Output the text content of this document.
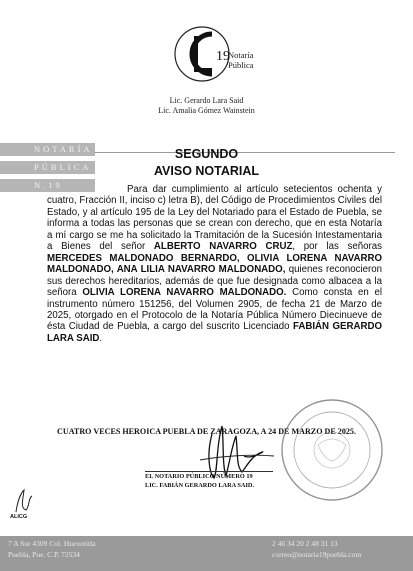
19
Notaría
Pública
Lic. Gerardo Lara Said
Lic. Amalia Gómez Wainstein
NOTARÍA
PÚBLICA
N.19
SEGUNDO
AVISO NOTARIAL

Para dar cumplimiento al artículo setecientos ochenta y cuatro, Fracción II, inciso c) letra B), del Código de Procedimientos Civiles del Estado, y al artículo 195 de la Ley del Notariado para el Estado de Puebla, se informa a todas las personas que se crean con derecho, que en esta Notaría a mí cargo se me ha solicitado la Tramitación de la Sucesión Intestamentaria a Bienes del señor ALBERTO NAVARRO CRUZ, por las señoras MERCEDES MALDONADO BERNARDO, OLIVIA LORENA NAVARRO MALDONADO, ANA LILIA NAVARRO MALDONADO, quienes reconocieron sus derechos hereditarios, además de que fue designada como albacea a la señora OLIVIA LORENA NAVARRO MALDONADO. Como consta en el instrumento número 151256, del Volumen 2905, de fecha 21 de Marzo de 2025, otorgado en el Protocolo de la Notaría Pública Número Diecinueve de ésta Ciudad de Puebla, a cargo del suscrito Licenciado FABIÁN GERARDO LARA SAID.

CUATRO VECES HEROICA PUEBLA DE ZARAGOZA, A 24 DE MARZO DE 2025.
EL NOTARIO PÚBLICO NÚMERO 19
LIC. FABIÁN GERARDO LARA SAID.
ALICG
7 A Sur 4309 Col. Huexotitla
Puebla, Pue. C.P. 72534
2 46 34 20 2 48 31 13
correo@notaria19puebla.com
